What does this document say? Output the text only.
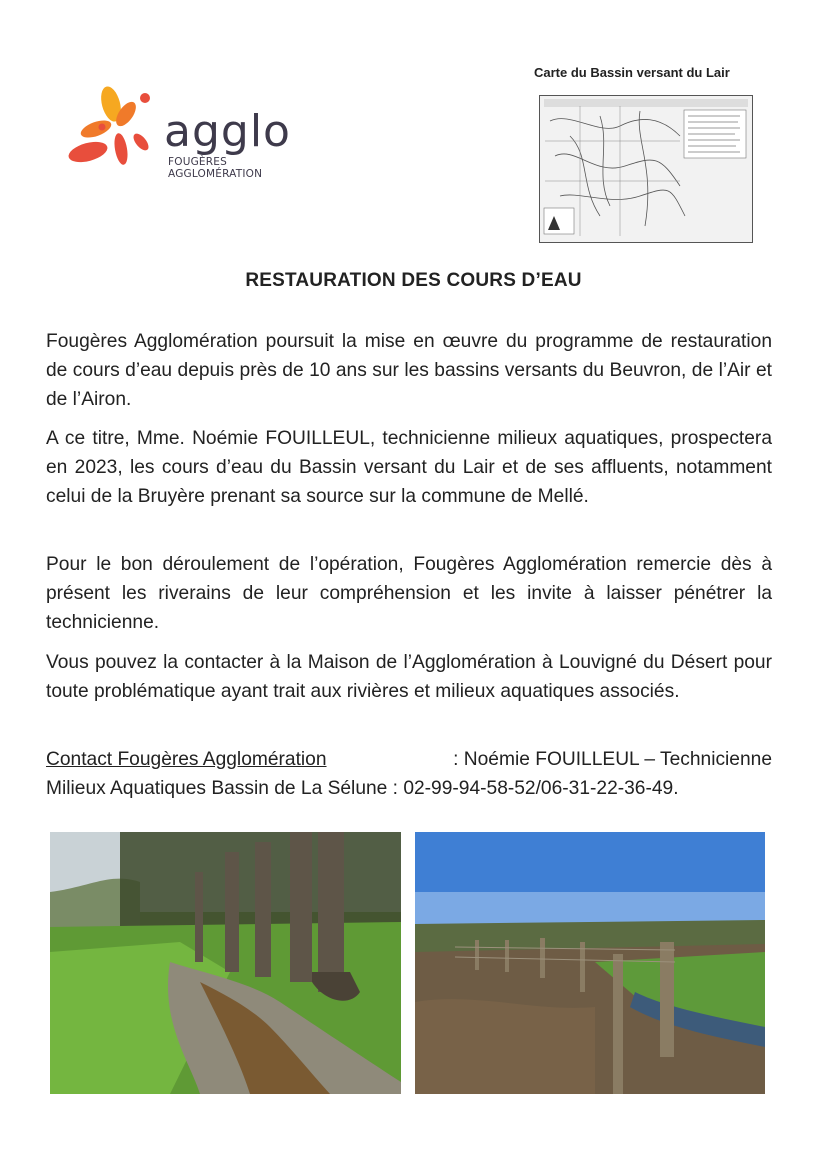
agglo
FOUGÈRES AGGLOMÉRATION
Carte du Bassin versant du Lair
RESTAURATION DES COURS D’EAU
Fougères Agglomération poursuit la mise en œuvre du programme de restauration de cours d’eau depuis près de 10 ans sur les bassins versants du Beuvron, de l’Air et de l’Airon.
A ce titre, Mme. Noémie FOUILLEUL, technicienne milieux aquatiques, prospectera en 2023, les cours d’eau du Bassin versant du Lair et de ses affluents, notamment celui de la Bruyère prenant sa source sur la commune de Mellé.
Pour le bon déroulement de l’opération, Fougères Agglomération remercie dès à présent les riverains de leur compréhension et les invite à laisser pénétrer la technicienne.
Vous pouvez la contacter à la Maison de l’Agglomération à Louvigné du Désert pour toute problématique ayant trait aux rivières et milieux aquatiques associés.
Contact Fougères Agglomération	: Noémie FOUILLEUL – Technicienne
Milieux Aquatiques Bassin de La Sélune : 02-99-94-58-52/06-31-22-36-49.
